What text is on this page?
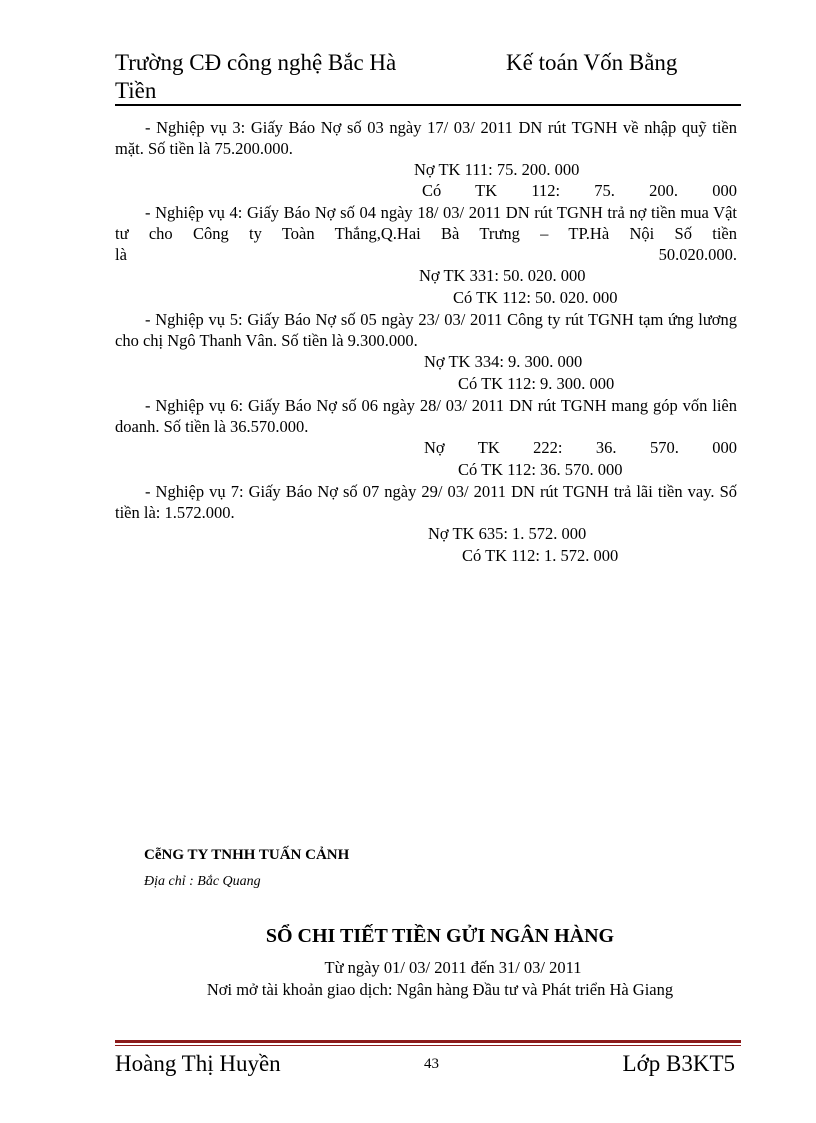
Trường CĐ công nghệ Bắc Hà
Tiền
Kế toán Vốn Bằng
- Nghiệp vụ 3: Giấy Báo Nợ số 03 ngày 17/ 03/ 2011 DN rút TGNH về nhập quỹ tiền mặt. Số tiền là 75.200.000.
Nợ TK 111: 75. 200. 000
Có TK 112: 75. 200. 000
- Nghiệp vụ 4: Giấy Báo Nợ số 04 ngày 18/ 03/ 2011 DN rút TGNH trả nợ tiền mua Vật tư cho Công ty Toàn Thắng,Q.Hai Bà Trưng – TP.Hà Nội Số tiền
là	50.020.000.
Nợ TK 331: 50. 020. 000
Có TK 112: 50. 020. 000
- Nghiệp vụ 5: Giấy Báo Nợ số 05 ngày 23/ 03/ 2011 Công ty rút TGNH tạm ứng lương cho chị Ngô Thanh Vân. Số tiền là 9.300.000.
Nợ TK 334: 9. 300. 000
Có TK 112: 9. 300. 000
- Nghiệp vụ 6: Giấy Báo Nợ số 06 ngày 28/ 03/ 2011 DN rút TGNH mang góp vốn liên doanh. Số tiền là 36.570.000.
Nợ TK 222: 36. 570. 000
Có TK 112: 36. 570. 000
- Nghiệp vụ 7: Giấy Báo Nợ số 07 ngày 29/ 03/ 2011 DN rút TGNH trả lãi tiền vay. Số tiền là: 1.572.000.
Nợ TK 635: 1. 572. 000
Có TK 112: 1. 572. 000
CễNG TY TNHH TUẤN CẢNH
Địa chỉ : Bắc Quang
SỔ CHI TIẾT TIỀN GỬI NGÂN HÀNG
Từ ngày 01/ 03/ 2011 đến 31/ 03/ 2011
Nơi mở tài khoản giao dịch: Ngân hàng Đầu tư và Phát triển Hà Giang
Hoàng Thị Huyền	43	Lớp B3KT5
